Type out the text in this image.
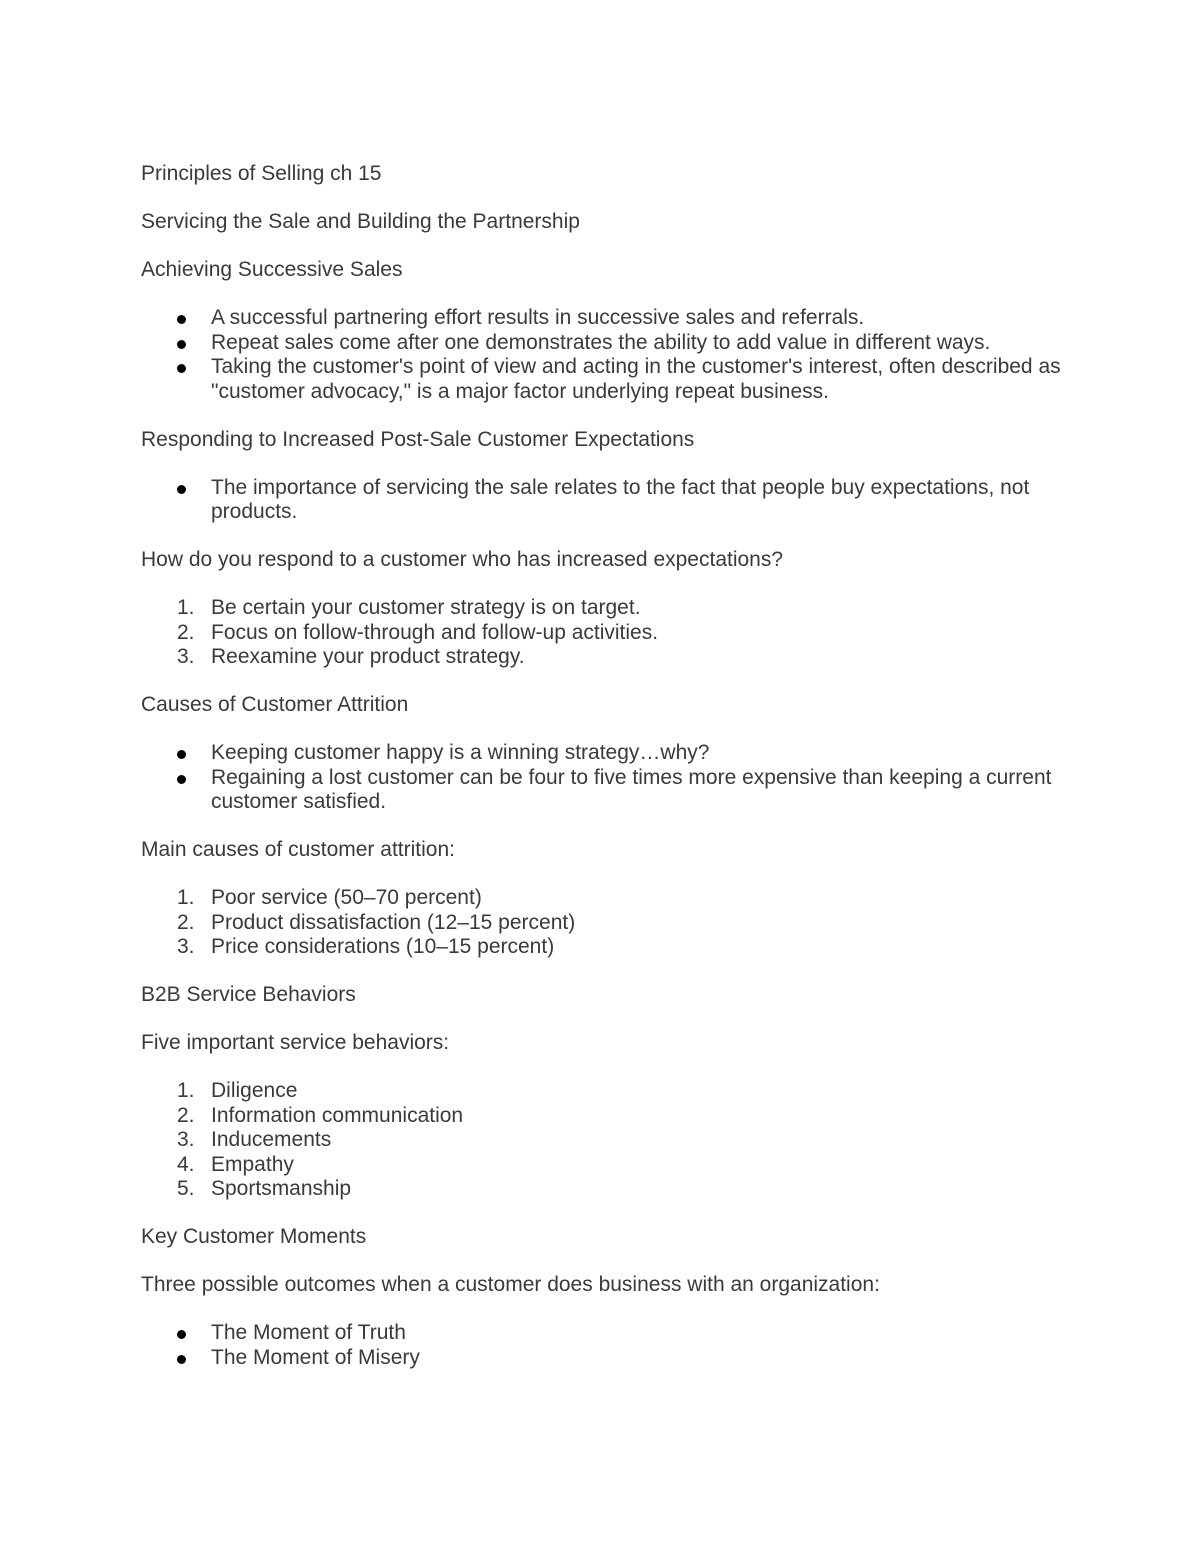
Principles of Selling ch 15

Servicing the Sale and Building the Partnership

Achieving Successive Sales

A successful partnering effort results in successive sales and referrals.
Repeat sales come after one demonstrates the ability to add value in different ways.
Taking the customer's point of view and acting in the customer's interest, often described as "customer advocacy," is a major factor underlying repeat business.

Responding to Increased Post-Sale Customer Expectations

The importance of servicing the sale relates to the fact that people buy expectations, not products.

How do you respond to a customer who has increased expectations?

1. Be certain your customer strategy is on target.
2. Focus on follow-through and follow-up activities.
3. Reexamine your product strategy.

Causes of Customer Attrition

Keeping customer happy is a winning strategy…why?
Regaining a lost customer can be four to five times more expensive than keeping a current customer satisfied.

Main causes of customer attrition:

1. Poor service (50–70 percent)
2. Product dissatisfaction (12–15 percent)
3. Price considerations (10–15 percent)

B2B Service Behaviors

Five important service behaviors:

1. Diligence
2. Information communication
3. Inducements
4. Empathy
5. Sportsmanship

Key Customer Moments

Three possible outcomes when a customer does business with an organization:

The Moment of Truth
The Moment of Misery
